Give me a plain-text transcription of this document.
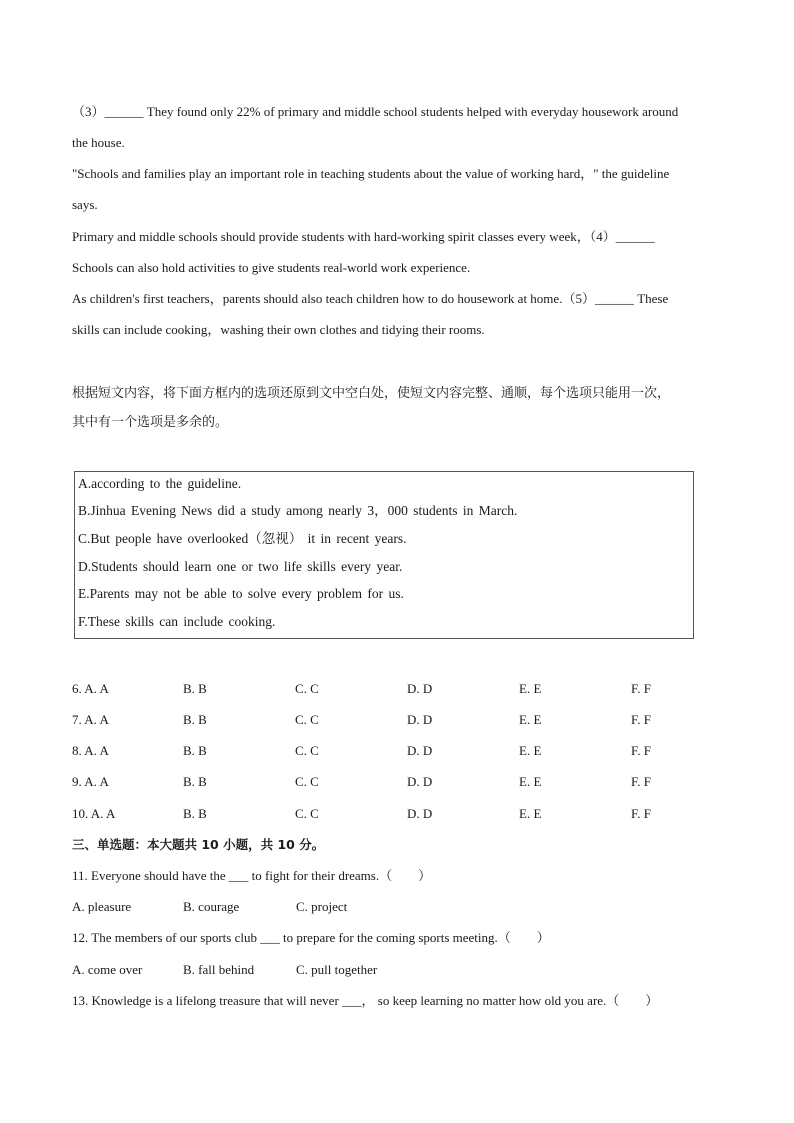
（3）______ They found only 22% of primary and middle school students helped with everyday housework around
the house.
"Schools and families play an important role in teaching students about the value of working hard，" the guideline
says.
Primary and middle schools should provide students with hard-working spirit classes every week，（4）______
Schools can also hold activities to give students real-world work experience.
As children's first teachers，parents should also teach children how to do housework at home.（5）______ These
skills can include cooking，washing their own clothes and tidying their rooms.
根据短文内容，将下面方框内的选项还原到文中空白处，使短文内容完整、通顺，每个选项只能用一次，
其中有一个选项是多余的。
A.according to the guideline.
B.Jinhua Evening News did a study among nearly 3，000 students in March.
C.But people have overlooked（忽视） it in recent years.
D.Students should learn one or two life skills every year.
E.Parents may not be able to solve every problem for us.
F.These skills can include cooking.
6. A. A	B. B	C. C	D. D	E. E	F. F
7. A. A	B. B	C. C	D. D	E. E	F. F
8. A. A	B. B	C. C	D. D	E. E	F. F
9. A. A	B. B	C. C	D. D	E. E	F. F
10. A. A	B. B	C. C	D. D	E. E	F. F
三、单选题：本大题共 10 小题，共 10 分。
11. Everyone should have the ___ to fight for their dreams.（　　）
A. pleasure	B. courage	C. project
12. The members of our sports club ___ to prepare for the coming sports meeting.（　　）
A. come over	B. fall behind	C. pull together
13. Knowledge is a lifelong treasure that will never ___， so keep learning no matter how old you are.（　　）
